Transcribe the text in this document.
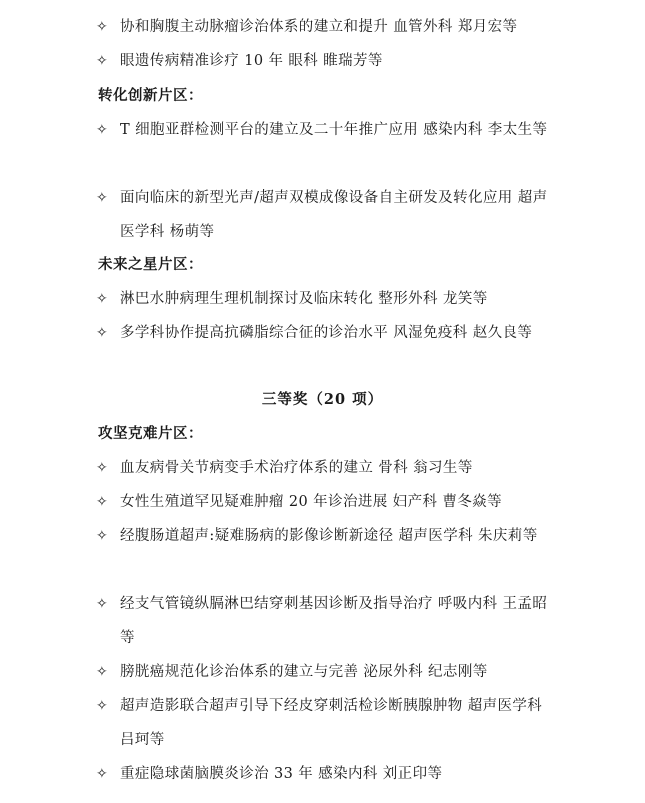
✧ 协和胸腹主动脉瘤诊治体系的建立和提升 血管外科 郑月宏等
✧ 眼遗传病精准诊疗 10 年 眼科 睢瑞芳等
转化创新片区：
✧ T 细胞亚群检测平台的建立及二十年推广应用 感染内科 李太生等
✧ 面向临床的新型光声/超声双模成像设备自主研发及转化应用 超声医学科 杨萌等
未来之星片区：
✧ 淋巴水肿病理生理机制探讨及临床转化 整形外科 龙笑等
✧ 多学科协作提高抗磷脂综合征的诊治水平 风湿免疫科 赵久良等
三等奖（20 项）
攻坚克难片区：
✧ 血友病骨关节病变手术治疗体系的建立 骨科 翁习生等
✧ 女性生殖道罕见疑难肿瘤 20 年诊治进展 妇产科 曹冬焱等
✧ 经腹肠道超声:疑难肠病的影像诊断新途径 超声医学科 朱庆莉等
✧ 经支气管镜纵膈淋巴结穿刺基因诊断及指导治疗 呼吸内科 王孟昭等
✧ 膀胱癌规范化诊治体系的建立与完善 泌尿外科 纪志刚等
✧ 超声造影联合超声引导下经皮穿刺活检诊断胰腺肿物 超声医学科 吕珂等
✧ 重症隐球菌脑膜炎诊治 33 年 感染内科 刘正印等
